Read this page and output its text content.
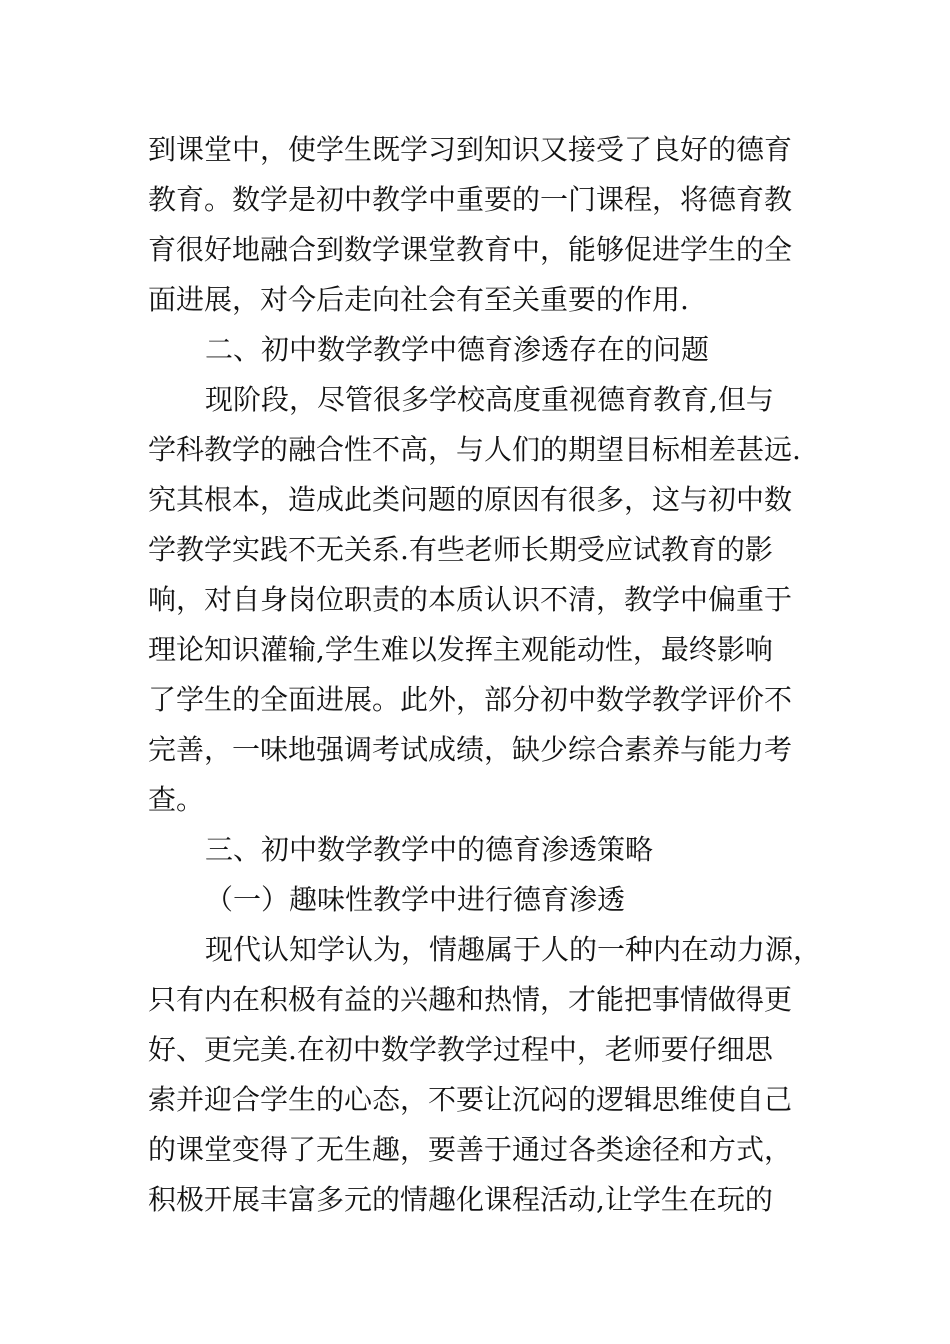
到课堂中，使学生既学习到知识又接受了良好的德育

教育。数学是初中教学中重要的一门课程，将德育教

育很好地融合到数学课堂教育中，能够促进学生的全

面进展，对今后走向社会有至关重要的作用.

二、初中数学教学中德育渗透存在的问题

现阶段，尽管很多学校高度重视德育教育,但与

学科教学的融合性不高，与人们的期望目标相差甚远.

究其根本，造成此类问题的原因有很多，这与初中数

学教学实践不无关系.有些老师长期受应试教育的影

响，对自身岗位职责的本质认识不清，教学中偏重于

理论知识灌输,学生难以发挥主观能动性，最终影响

了学生的全面进展。此外，部分初中数学教学评价不

完善，一味地强调考试成绩，缺少综合素养与能力考

查。

三、初中数学教学中的德育渗透策略

（一）趣味性教学中进行德育渗透

现代认知学认为，情趣属于人的一种内在动力源，

只有内在积极有益的兴趣和热情，才能把事情做得更

好、更完美.在初中数学教学过程中，老师要仔细思

索并迎合学生的心态，不要让沉闷的逻辑思维使自己

的课堂变得了无生趣，要善于通过各类途径和方式，

积极开展丰富多元的情趣化课程活动,让学生在玩的
